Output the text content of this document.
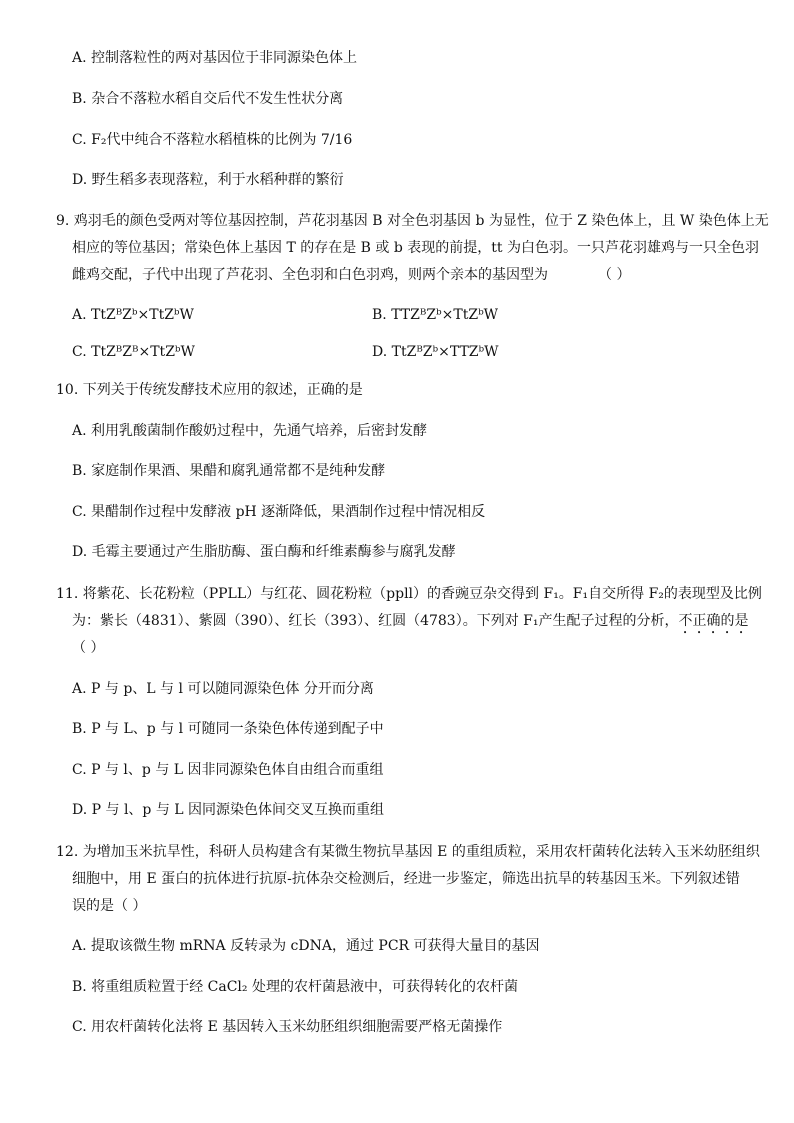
A. 控制落粒性的两对基因位于非同源染色体上
B. 杂合不落粒水稻自交后代不发生性状分离
C. F₂代中纯合不落粒水稻植株的比例为 7/16
D. 野生稻多表现落粒，利于水稻种群的繁衍
9. 鸡羽毛的颜色受两对等位基因控制，芦花羽基因 B 对全色羽基因 b 为显性，位于 Z 染色体上，且 W 染色体上无
相应的等位基因；常染色体上基因 T 的存在是 B 或 b 表现的前提，tt 为白色羽。一只芦花羽雄鸡与一只全色羽
雌鸡交配，子代中出现了芦花羽、全色羽和白色羽鸡，则两个亲本的基因型为	（ ）
A. TtZᴮZᵇ×TtZᵇW	B. TTZᴮZᵇ×TtZᵇW
C. TtZᴮZᴮ×TtZᵇW	D. TtZᴮZᵇ×TTZᵇW
10. 下列关于传统发酵技术应用的叙述，正确的是
A. 利用乳酸菌制作酸奶过程中，先通气培养，后密封发酵
B. 家庭制作果酒、果醋和腐乳通常都不是纯种发酵
C. 果醋制作过程中发酵液 pH 逐渐降低，果酒制作过程中情况相反
D. 毛霉主要通过产生脂肪酶、蛋白酶和纤维素酶参与腐乳发酵
11. 将紫花、长花粉粒（PPLL）与红花、圆花粉粒（ppll）的香豌豆杂交得到 F₁。F₁自交所得 F₂的表现型及比例
为：紫长（4831）、紫圆（390）、红长（393）、红圆（4783）。下列对 F₁产生配子过程的分析，不正确的是
（ ）
A. P 与 p、L 与 l 可以随同源染色体 分开而分离
B. P 与 L、p 与 l 可随同一条染色体传递到配子中
C. P 与 l、p 与 L 因非同源染色体自由组合而重组
D. P 与 l、p 与 L 因同源染色体间交叉互换而重组
12. 为增加玉米抗旱性，科研人员构建含有某微生物抗旱基因 E 的重组质粒，采用农杆菌转化法转入玉米幼胚组织
细胞中，用 E 蛋白的抗体进行抗原-抗体杂交检测后，经进一步鉴定，筛选出抗旱的转基因玉米。下列叙述错
误的是（ ）
A. 提取该微生物 mRNA 反转录为 cDNA，通过 PCR 可获得大量目的基因
B. 将重组质粒置于经 CaCl₂ 处理的农杆菌悬液中，可获得转化的农杆菌
C. 用农杆菌转化法将 E 基因转入玉米幼胚组织细胞需要严格无菌操作
